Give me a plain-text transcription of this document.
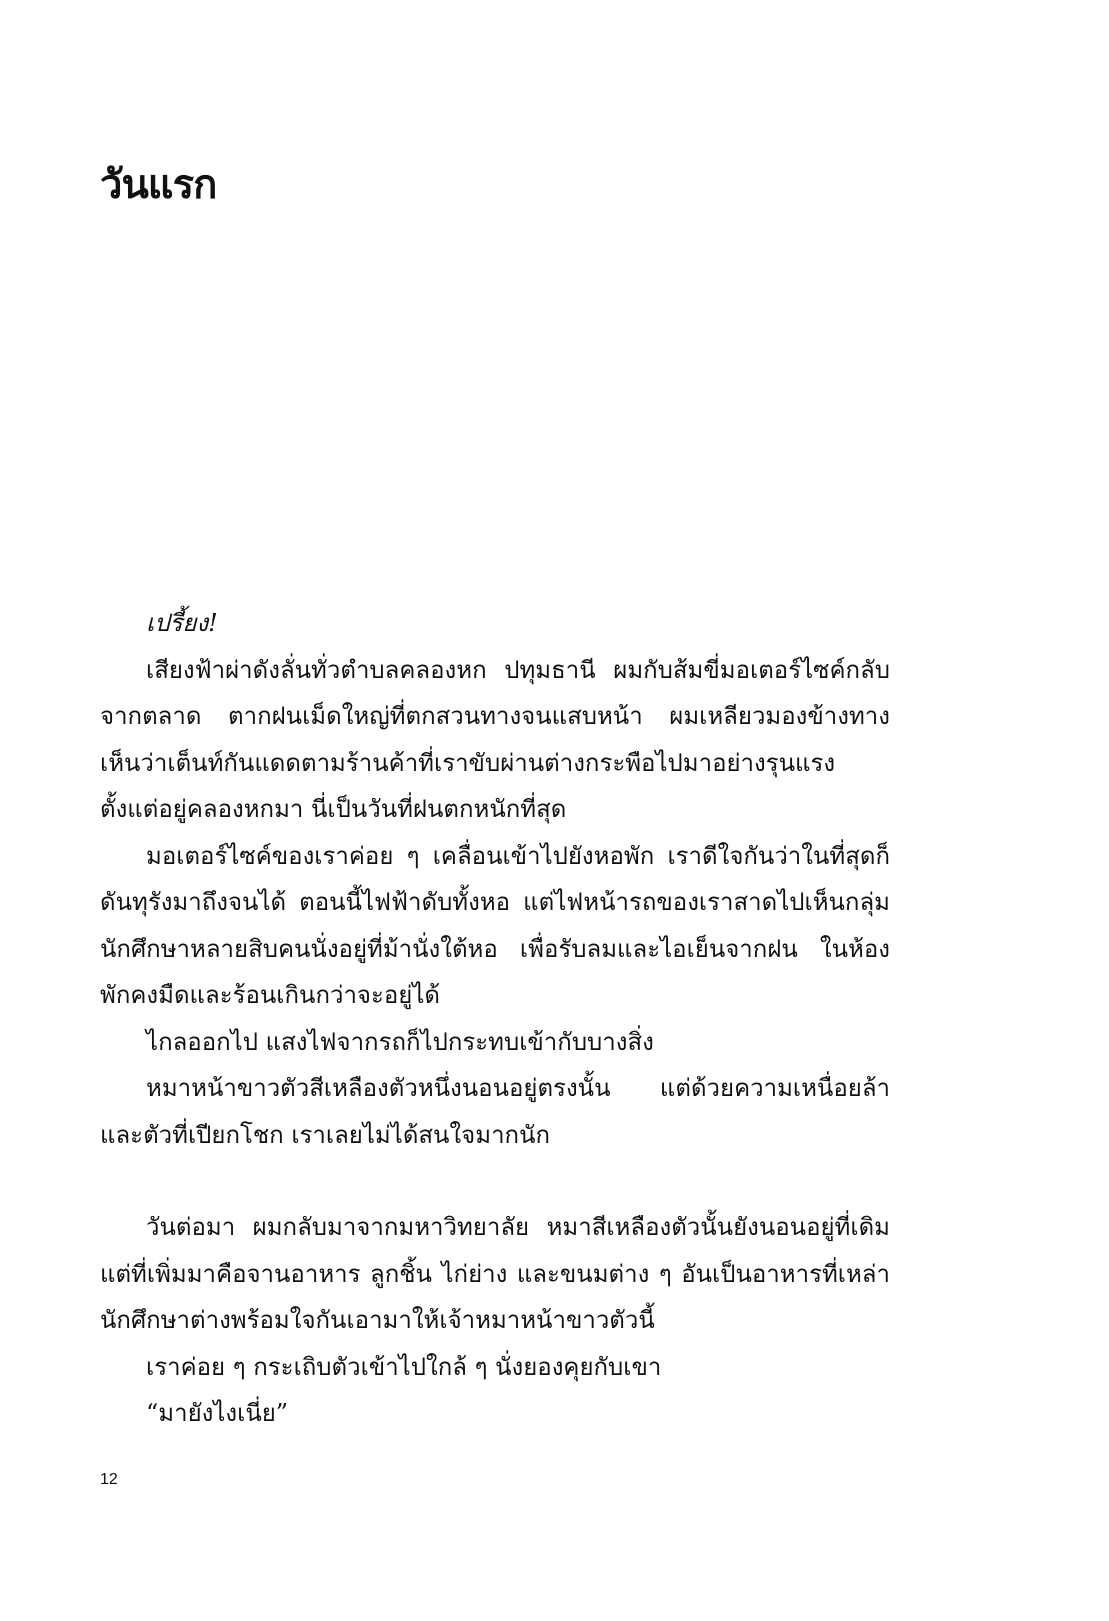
วันแรก

เปรี้ยง!

เสียงฟ้าผ่าดังลั่นทั่วตำบลคลองหก ปทุมธานี ผมกับส้มขี่มอเตอร์ไซค์กลับจากตลาด ตากฝนเม็ดใหญ่ที่ตกสวนทางจนแสบหน้า ผมเหลียวมองข้างทางเห็นว่าเต็นท์กันแดดตามร้านค้าที่เราขับผ่านต่างกระพือไปมาอย่างรุนแรง ตั้งแต่อยู่คลองหกมา นี่เป็นวันที่ฝนตกหนักที่สุด

มอเตอร์ไซค์ของเราค่อย ๆ เคลื่อนเข้าไปยังหอพัก เราดีใจกันว่าในที่สุดก็ดันทุรังมาถึงจนได้ ตอนนี้ไฟฟ้าดับทั้งหอ แต่ไฟหน้ารถของเราสาดไปเห็นกลุ่มนักศึกษาหลายสิบคนนั่งอยู่ที่ม้านั่งใต้หอ เพื่อรับลมและไอเย็นจากฝน ในห้องพักคงมืดและร้อนเกินกว่าจะอยู่ได้

ไกลออกไป แสงไฟจากรถก็ไปกระทบเข้ากับบางสิ่ง

หมาหน้าขาวตัวสีเหลืองตัวหนึ่งนอนอยู่ตรงนั้น แต่ด้วยความเหนื่อยล้าและตัวที่เปียกโชก เราเลยไม่ได้สนใจมากนัก

วันต่อมา ผมกลับมาจากมหาวิทยาลัย หมาสีเหลืองตัวนั้นยังนอนอยู่ที่เดิม แต่ที่เพิ่มมาคือจานอาหาร ลูกชิ้น ไก่ย่าง และขนมต่าง ๆ อันเป็นอาหารที่เหล่านักศึกษาต่างพร้อมใจกันเอามาให้เจ้าหมาหน้าขาวตัวนี้

เราค่อย ๆ กระเถิบตัวเข้าไปใกล้ ๆ นั่งยองคุยกับเขา

“มายังไงเนี่ย”

12
